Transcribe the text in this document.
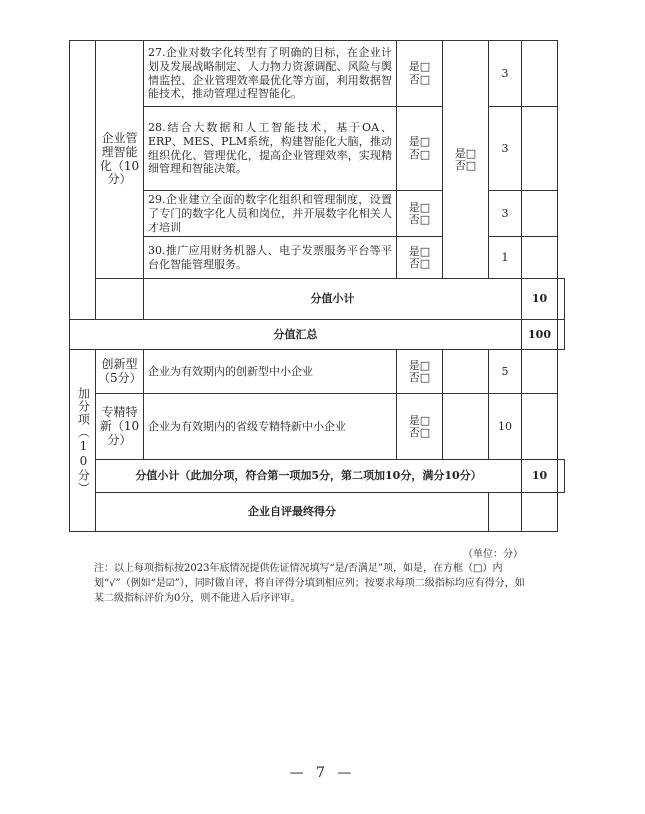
	企业管理智能化（10分）	27.企业对数字化转型有了明确的目标，在企业计划及发展战略制定、人力物力资源调配、风险与舆情监控、企业管理效率最优化等方面，利用数据智能技术，推动管理过程智能化。	是□
否□	是□
否□	3		
		28.结合大数据和人工智能技术，基于OA、ERP、MES、PLM系统，构建智能化大脑，推动组织优化、管理优化，提高企业管理效率，实现精细管理和智能决策。	是□
否□		3		
		29.企业建立全面的数字化组织和管理制度，设置了专门的数字化人员和岗位，并开展数字化相关人才培训	是□
否□		3		
		30.推广应用财务机器人、电子发票服务平台等平台化智能管理服务。	是□
否□		1		
		分值小计				10	
分值汇总						100	

加分项（10分）	创新型（5分）	企业为有效期内的创新型中小企业	是□
否□		5		
	专精特新（10分）	企业为有效期内的省级专精特新中小企业	是□
否□		10		
	分值小计（此加分项，符合第一项加5分，第二项加10分，满分10分）					10	
	企业自评最终得分						
（单位：分）
注：以上每项指标按2023年底情况提供佐证情况填写“是/否满足”项，如是，在方框（□）内划“√”（例如“是☑”），同时做自评，将自评得分填到相应列；按要求每项二级指标均应有得分，如某二级指标评价为0分，则不能进入后序评审。
— 7 —
